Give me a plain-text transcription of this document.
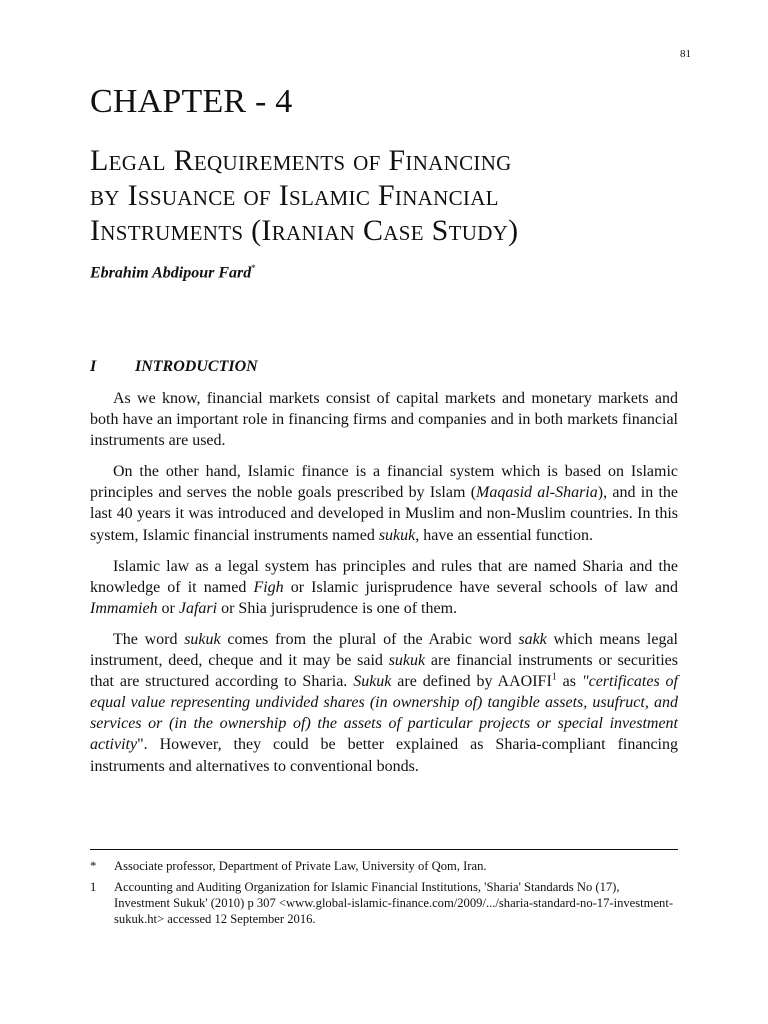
81
CHAPTER - 4
Legal Requirements of Financing
by Issuance of Islamic Financial
Instruments (Iranian Case Study)
Ebrahim Abdipour Fard*
I INTRODUCTION

As we know, financial markets consist of capital markets and monetary markets and both have an important role in financing firms and companies and in both markets financial instruments are used.

On the other hand, Islamic finance is a financial system which is based on Islamic principles and serves the noble goals prescribed by Islam (Maqasid al-Sharia), and in the last 40 years it was introduced and developed in Muslim and non-Muslim countries. In this system, Islamic financial instruments named sukuk, have an essential function.

Islamic law as a legal system has principles and rules that are named Sharia and the knowledge of it named Figh or Islamic jurisprudence have several schools of law and Immamieh or Jafari or Shia jurisprudence is one of them.

The word sukuk comes from the plural of the Arabic word sakk which means legal instrument, deed, cheque and it may be said sukuk are financial instruments or securities that are structured according to Sharia. Sukuk are defined by AAOIFI$^1$ as "certificates of equal value representing undivided shares (in ownership of) tangible assets, usufruct, and services or (in the ownership of) the assets of particular projects or special investment activity". However, they could be better explained as Sharia-compliant financing instruments and alternatives to conventional bonds.

*	Associate professor, Department of Private Law, University of Qom, Iran.
1	Accounting and Auditing Organization for Islamic Financial Institutions, 'Sharia' Standards No (17), Investment Sukuk' (2010) p 307 <www.global-islamic-finance.com/2009/.../sharia-standard-no-17-investment-sukuk.ht> accessed 12 September 2016.
